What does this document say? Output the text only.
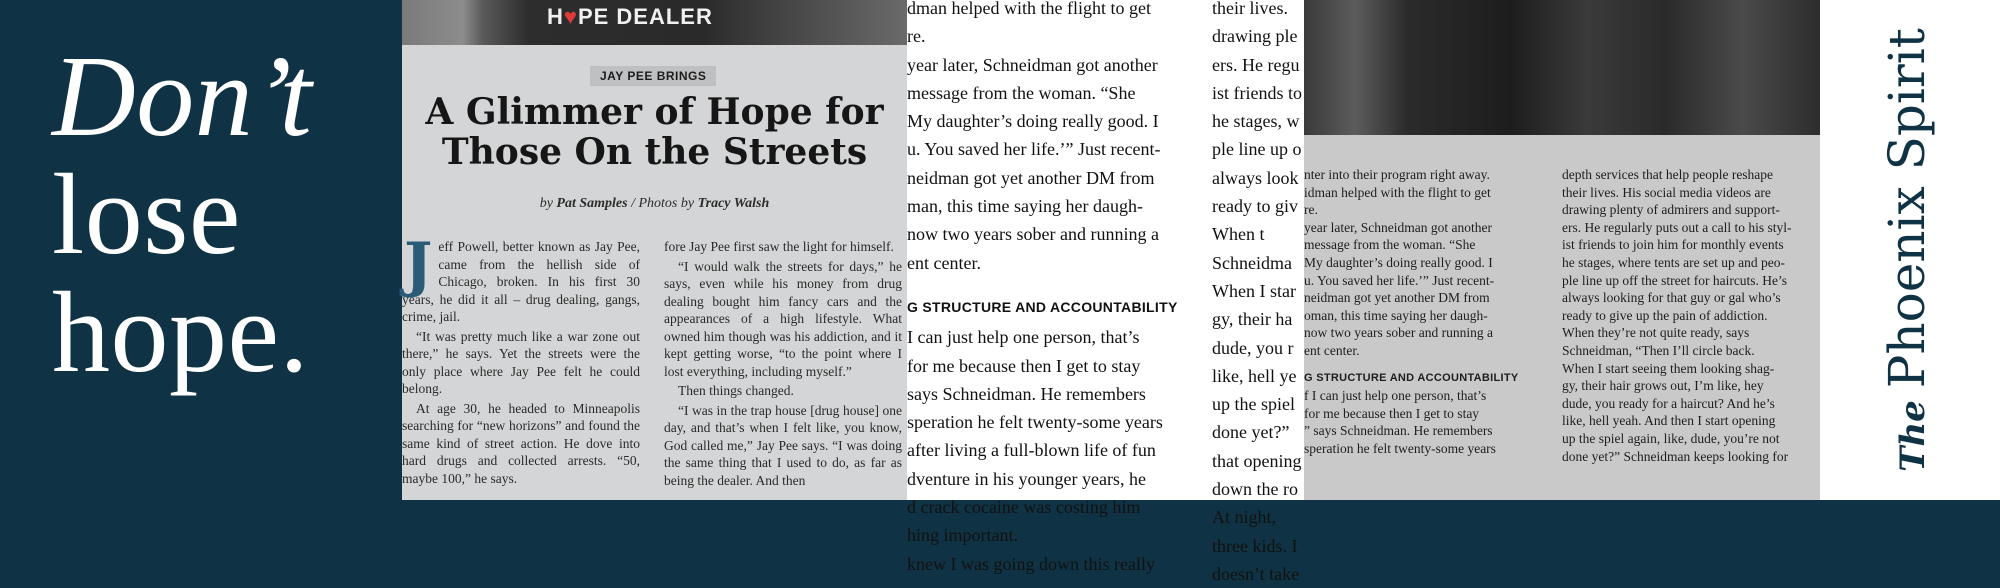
Don’t
lose
hope.
H♥PE DEALER
JAY PEE BRINGS
A Glimmer of Hope for Those On the Streets
by Pat Samples / Photos by Tracy Walsh

Jeff Powell, better known as Jay Pee, came from the hellish side of Chicago, broken. In his first 30 years, he did it all – drug dealing, gangs, crime, jail.

“It was pretty much like a war zone out there,” he says. Yet the streets were the only place where Jay Pee felt he could belong.

At age 30, he headed to Minneapolis searching for “new horizons” and found the same kind of street action. He dove into hard drugs and collected arrests. “50, maybe 100,” he says.

fore Jay Pee first saw the light for himself.

“I would walk the streets for days,” he says, even while his money from drug dealing bought him fancy cars and the appearances of a high lifestyle. What owned him though was his addiction, and it kept getting worse, “to the point where I lost everything, including myself.”

Then things changed.

“I was in the trap house [drug house] one day, and that’s when I felt like, you know, God called me,” Jay Pee says. “I was doing the same thing that I used to do, as far as being the dealer. And then

dman helped with the flight to get
re.
year later, Schneidman got another
message from the woman. “She
My daughter’s doing really good. I
u. You saved her life.’” Just recent-
neidman got yet another DM from
man, this time saying her daugh-
now two years sober and running a
ent center.
G STRUCTURE AND ACCOUNTABILITY
I can just help one person, that’s
for me because then I get to stay
says Schneidman. He remembers
speration he felt twenty-some years
after living a full-blown life of fun
dventure in his younger years, he
d crack cocaine was costing him
hing important.
knew I was going down this really
their lives.
drawing ple
ers. He regu
ist friends to
he stages, w
ple line up o
always look
ready to giv
When t
Schneidma
When I star
gy, their ha
dude, you r
like, hell ye
up the spiel
done yet?”
that opening
down the ro
At night,
three kids. I
doesn’t take
nter into their program right away.
idman helped with the flight to get
re.
year later, Schneidman got another
message from the woman. “She
My daughter’s doing really good. I
u. You saved her life.’” Just recent-
neidman got yet another DM from
oman, this time saying her daugh-
now two years sober and running a
ent center.
G STRUCTURE AND ACCOUNTABILITY
f I can just help one person, that’s
for me because then I get to stay
” says Schneidman. He remembers
speration he felt twenty-some years
depth services that help people reshape
their lives. His social media videos are
drawing plenty of admirers and support-
ers. He regularly puts out a call to his styl-
ist friends to join him for monthly events
he stages, where tents are set up and peo-
ple line up off the street for haircuts. He’s
always looking for that guy or gal who’s
ready to give up the pain of addiction.
When they’re not quite ready, says
Schneidman, “Then I’ll circle back.
When I start seeing them looking shag-
gy, their hair grows out, I’m like, hey
dude, you ready for a haircut? And he’s
like, hell yeah. And then I start opening
up the spiel again, like, dude, you’re not
done yet?” Schneidman keeps looking for	ThePhoenix Spirit
